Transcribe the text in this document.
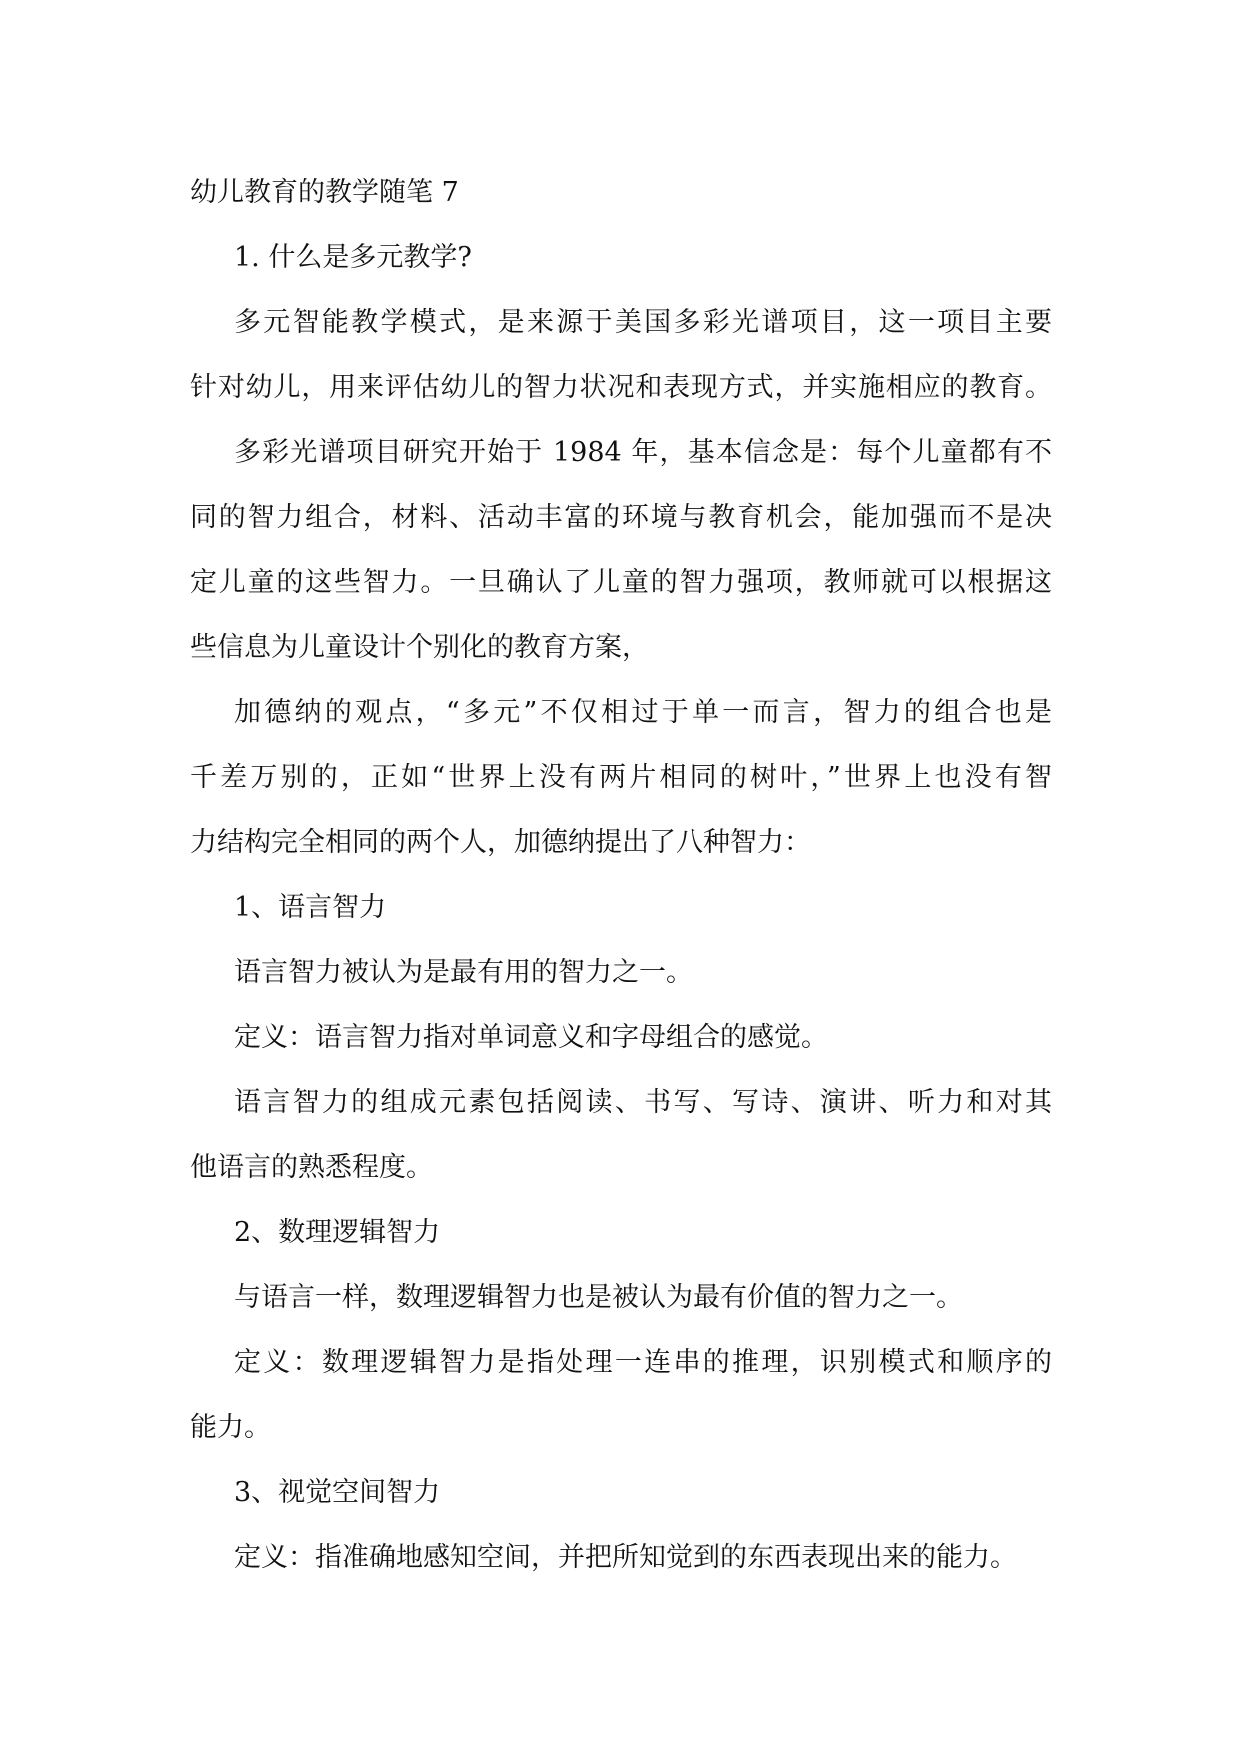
幼儿教育的教学随笔 7
1. 什么是多元教学?
多元智能教学模式，是来源于美国多彩光谱项目，这一项目主要
针对幼儿，用来评估幼儿的智力状况和表现方式，并实施相应的教育。
多彩光谱项目研究开始于 1984 年，基本信念是：每个儿童都有不
同的智力组合，材料、活动丰富的环境与教育机会，能加强而不是决
定儿童的这些智力。一旦确认了儿童的智力强项，教师就可以根据这
些信息为儿童设计个别化的教育方案，
加德纳的观点，“多元”不仅相过于单一而言，智力的组合也是
千差万别的，正如“世界上没有两片相同的树叶，”世界上也没有智
力结构完全相同的两个人，加德纳提出了八种智力：
1、语言智力
语言智力被认为是最有用的智力之一。
定义：语言智力指对单词意义和字母组合的感觉。
语言智力的组成元素包括阅读、书写、写诗、演讲、听力和对其
他语言的熟悉程度。
2、数理逻辑智力
与语言一样，数理逻辑智力也是被认为最有价值的智力之一。
定义：数理逻辑智力是指处理一连串的推理，识别模式和顺序的
能力。
3、视觉空间智力
定义：指准确地感知空间，并把所知觉到的东西表现出来的能力。
